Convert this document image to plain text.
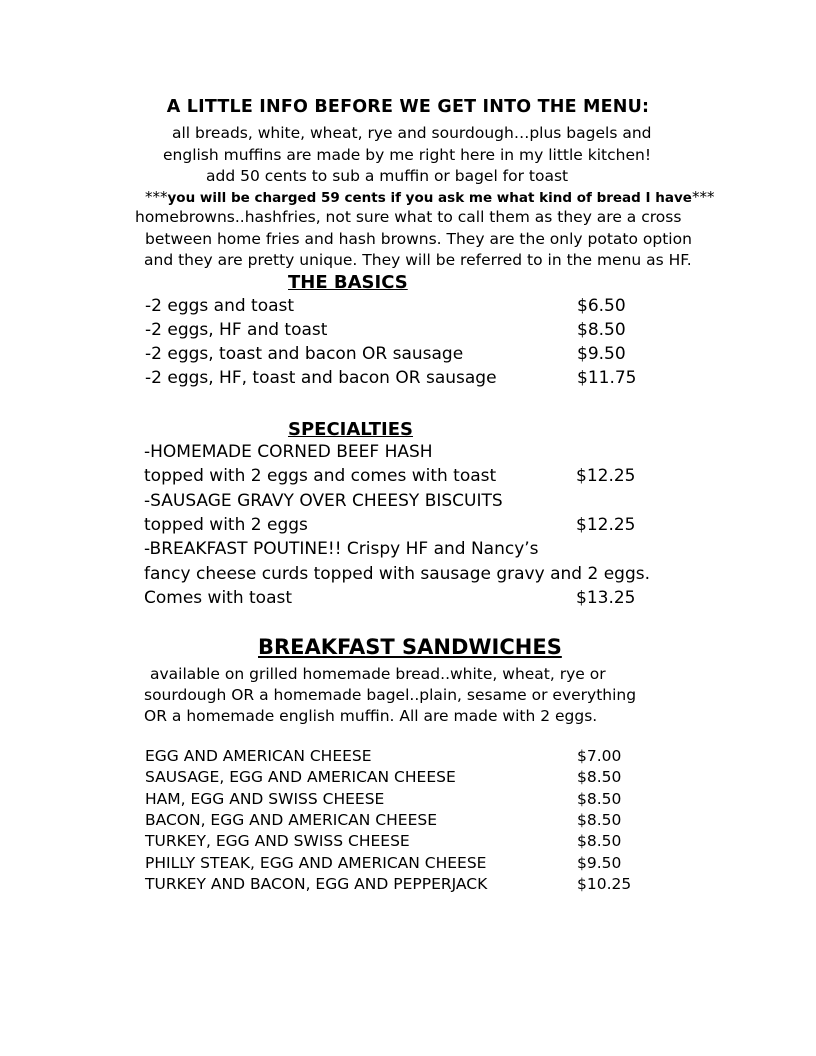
A LITTLE INFO BEFORE WE GET INTO THE MENU:
all breads, white, wheat, rye and sourdough…plus bagels and
english muffins are made by me right here in my little kitchen!
add 50 cents to sub a muffin or bagel for toast
***you will be charged 59 cents if you ask me what kind of bread I have***
homebrowns..hashfries, not sure what to call them as they are a cross
between home fries and hash browns. They are the only potato option
and they are pretty unique. They will be referred to in the menu as HF.
THE BASICS
-2 eggs and toast	$6.50
-2 eggs, HF and toast	$8.50
-2 eggs, toast and bacon OR sausage	$9.50
-2 eggs, HF, toast and bacon OR sausage	$11.75
SPECIALTIES
-HOMEMADE CORNED BEEF HASH
topped with 2 eggs and comes with toast	$12.25
-SAUSAGE GRAVY OVER CHEESY BISCUITS
topped with 2 eggs	$12.25
-BREAKFAST POUTINE!! Crispy HF and Nancy’s
fancy cheese curds topped with sausage gravy and 2 eggs.
Comes with toast	$13.25
BREAKFAST SANDWICHES
available on grilled homemade bread..white, wheat, rye or
sourdough OR a homemade bagel..plain, sesame or everything
OR a homemade english muffin. All are made with 2 eggs.
EGG AND AMERICAN CHEESE	$7.00
SAUSAGE, EGG AND AMERICAN CHEESE	$8.50
HAM, EGG AND SWISS CHEESE	$8.50
BACON, EGG AND AMERICAN CHEESE	$8.50
TURKEY, EGG AND SWISS CHEESE	$8.50
PHILLY STEAK, EGG AND AMERICAN CHEESE	$9.50
TURKEY AND BACON, EGG AND PEPPERJACK	$10.25
